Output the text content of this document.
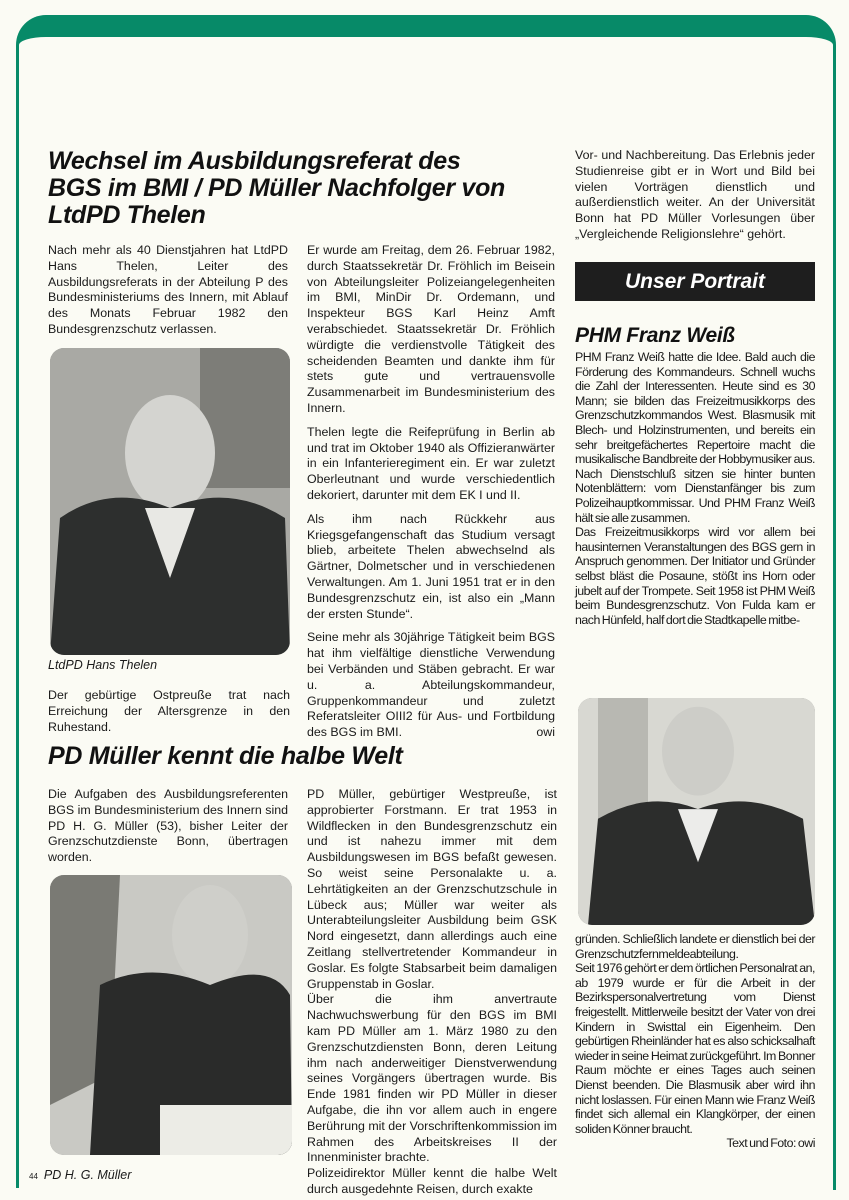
Wechsel im Ausbildungsreferat des BGS im BMI / PD Müller Nachfolger von LtdPD Thelen

Nach mehr als 40 Dienstjahren hat LtdPD Hans Thelen, Leiter des Ausbildungsreferats in der Abteilung P des Bundesministeriums des Innern, mit Ablauf des Monats Februar 1982 den Bundesgrenzschutz verlassen.

LtdPD Hans Thelen

Der gebürtige Ostpreuße trat nach Erreichung der Altersgrenze in den Ruhestand.

Er wurde am Freitag, dem 26. Februar 1982, durch Staatssekretär Dr. Fröhlich im Beisein von Abteilungsleiter Polizeiangelegenheiten im BMI, MinDir Dr. Ordemann, und Inspekteur BGS Karl Heinz Amft verabschiedet. Staatssekretär Dr. Fröhlich würdigte die verdienstvolle Tätigkeit des scheidenden Beamten und dankte ihm für stets gute und vertrauensvolle Zusammenarbeit im Bundesministerium des Innern.

Thelen legte die Reifeprüfung in Berlin ab und trat im Oktober 1940 als Offizieranwärter in ein Infanterieregiment ein. Er war zuletzt Oberleutnant und wurde verschiedentlich dekoriert, darunter mit dem EK I und II.

Als ihm nach Rückkehr aus Kriegsgefangenschaft das Studium versagt blieb, arbeitete Thelen abwechselnd als Gärtner, Dolmetscher und in verschiedenen Verwaltungen. Am 1. Juni 1951 trat er in den Bundesgrenzschutz ein, ist also ein „Mann der ersten Stunde“.

Seine mehr als 30jährige Tätigkeit beim BGS hat ihm vielfältige dienstliche Verwendung bei Verbänden und Stäben gebracht. Er war u. a. Abteilungskommandeur, Gruppenkommandeur und zuletzt Referatsleiter OIII2 für Aus- und Fortbildung des BGS im BMI.	owi
PD Müller kennt die halbe Welt

Die Aufgaben des Ausbildungsreferenten BGS im Bundesministerium des Innern sind PD H. G. Müller (53), bisher Leiter der Grenzschutzdienste Bonn, übertragen worden.

44 PD H. G. Müller

PD Müller, gebürtiger Westpreuße, ist approbierter Forstmann. Er trat 1953 in Wildflecken in den Bundesgrenzschutz ein und ist nahezu immer mit dem Ausbildungswesen im BGS befaßt gewesen. So weist seine Personalakte u. a. Lehrtätigkeiten an der Grenzschutzschule in Lübeck aus; Müller war weiter als Unterabteilungsleiter Ausbildung beim GSK Nord eingesetzt, dann allerdings auch eine Zeitlang stellvertretender Kommandeur in Goslar. Es folgte Stabsarbeit beim damaligen Gruppenstab in Goslar.

Über die ihm anvertraute Nachwuchswerbung für den BGS im BMI kam PD Müller am 1. März 1980 zu den Grenzschutzdiensten Bonn, deren Leitung ihm nach anderweitiger Dienstverwendung seines Vorgängers übertragen wurde. Bis Ende 1981 finden wir PD Müller in dieser Aufgabe, die ihn vor allem auch in engere Berührung mit der Vorschriftenkommission im Rahmen des Arbeitskreises II der Innenminister brachte.

Polizeidirektor Müller kennt die halbe Welt durch ausgedehnte Reisen, durch exakte

Vor- und Nachbereitung. Das Erlebnis jeder Studienreise gibt er in Wort und Bild bei vielen Vorträgen dienstlich und außerdienstlich weiter. An der Universität Bonn hat PD Müller Vorlesungen über „Vergleichende Religionslehre“ gehört.

Unser Portrait
PHM Franz Weiß

PHM Franz Weiß hatte die Idee. Bald auch die Förderung des Kommandeurs. Schnell wuchs die Zahl der Interessenten. Heute sind es 30 Mann; sie bilden das Freizeitmusikkorps des Grenzschutzkommandos West. Blasmusik mit Blech- und Holzinstrumenten, und bereits ein sehr breitgefächertes Repertoire macht die musikalische Bandbreite der Hobbymusiker aus. Nach Dienstschluß sitzen sie hinter bunten Notenblättern: vom Dienstanfänger bis zum Polizeihauptkommissar. Und PHM Franz Weiß hält sie alle zusammen.

Das Freizeitmusikkorps wird vor allem bei hausinternen Veranstaltungen des BGS gern in Anspruch genommen. Der Initiator und Gründer selbst bläst die Posaune, stößt ins Horn oder jubelt auf der Trompete. Seit 1958 ist PHM Weiß beim Bundesgrenzschutz. Von Fulda kam er nach Hünfeld, half dort die Stadtkapelle mitbe-

gründen. Schließlich landete er dienstlich bei der Grenzschutzfernmeldeabteilung.

Seit 1976 gehört er dem örtlichen Personalrat an, ab 1979 wurde er für die Arbeit in der Bezirkspersonalvertretung vom Dienst freigestellt. Mittlerweile besitzt der Vater von drei Kindern in Swisttal ein Eigenheim. Den gebürtigen Rheinländer hat es also schicksalhaft wieder in seine Heimat zurückgeführt. Im Bonner Raum möchte er eines Tages auch seinen Dienst beenden. Die Blasmusik aber wird ihn nicht loslassen. Für einen Mann wie Franz Weiß findet sich allemal ein Klangkörper, der einen soliden Könner braucht.

Text und Foto: owi
